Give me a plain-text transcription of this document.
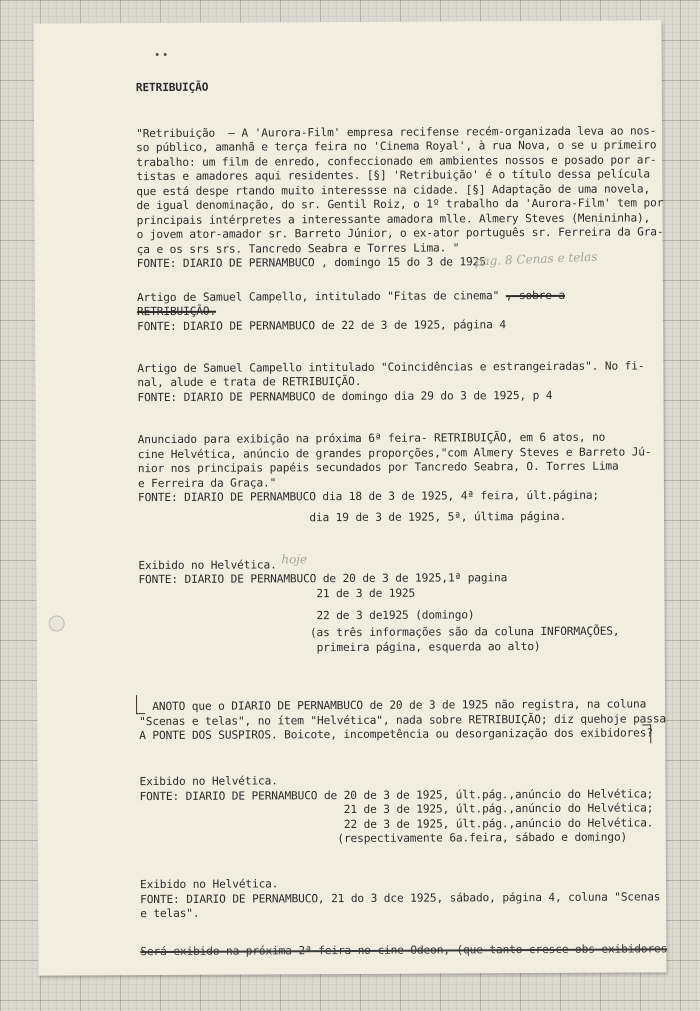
RETRIBUIÇÃO
"Retribuição  — A 'Aurora-Film' empresa recifense recém-organizada leva ao nos-
so público, amanhã e terça feira no 'Cinema Royal', à rua Nova, o se u primeiro
trabalho: um film de enredo, confeccionado em ambientes nossos e posado por ar-
tistas e amadores aqui residentes. [§] 'Retribuição' é o título dessa película
que está despe rtando muito interessse na cidade. [§] Adaptação de uma novela,
de igual denominação, do sr. Gentil Roiz, o 1º trabalho da 'Aurora-Film' tem por
principais intérpretes a interessante amadora mlle. Almery Steves (Menininha),
o jovem ator-amador sr. Barreto Júnior, o ex-ator português sr. Ferreira da Gra-
ça e os srs srs. Tancredo Seabra e Torres Lima. "
FONTE: DIARIO DE PERNAMBUCO , domingo 15 do 3 de 1925
pag. 8 Cenas e telas
Artigo de Samuel Campello, intitulado "Fitas de cinema" , sobre a
RETRIBUIÇÃO.
FONTE: DIARIO DE PERNAMBUCO de 22 de 3 de 1925, página 4
Artigo de Samuel Campello intitulado "Coincidências e estrangeiradas". No fi-
nal, alude e trata de RETRIBUIÇÃO.
FONTE: DIARIO DE PERNAMBUCO de domingo dia 29 do 3 de 1925, p 4
Anunciado para exibição na próxima 6ª feira- RETRIBUIÇÃO, em 6 atos, no
cine Helvética, anúncio de grandes proporções,"com Almery Steves e Barreto Jú-
nior nos principais papéis secundados por Tancredo Seabra, O. Torres Lima
e Ferreira da Graça."
FONTE: DIARIO DE PERNAMBUCO dia 18 de 3 de 1925, 4ª feira, últ.página;
dia 19 de 3 de 1925, 5ª, última página.
Exibido no Helvética. hoje
FONTE: DIARIO DE PERNAMBUCO de 20 de 3 de 1925,1ª pagina
21 de 3 de 1925
22 de 3 de1925 (domingo)
(as três informações são da coluna INFORMAÇÕES,
primeira página, esquerda ao alto)
ANOTO que o DIARIO DE PERNAMBUCO de 20 de 3 de 1925 não registra, na coluna
"Scenas e telas", no ítem "Helvética", nada sobre RETRIBUIÇÃO; diz quehoje passa
A PONTE DOS SUSPIROS. Boicote, incompetência ou desorganização dos exibidores?
Exibido no Helvética.
FONTE: DIARIO DE PERNAMBUCO de 20 de 3 de 1925, últ.pág.,anúncio do Helvética;
21 de 3 de 1925, últ.pág.,anúncio do Helvética;
22 de 3 de 1925, últ.pág.,anúncio do Helvética.
(respectivamente 6a.feira, sábado e domingo)
Exibido no Helvética.
FONTE: DIARIO DE PERNAMBUCO, 21 do 3 dce 1925, sábado, página 4, coluna "Scenas
e telas".
Será exibido na próxima 2ª feira no cine Odeon, (que tanto cresce obs exibidores
